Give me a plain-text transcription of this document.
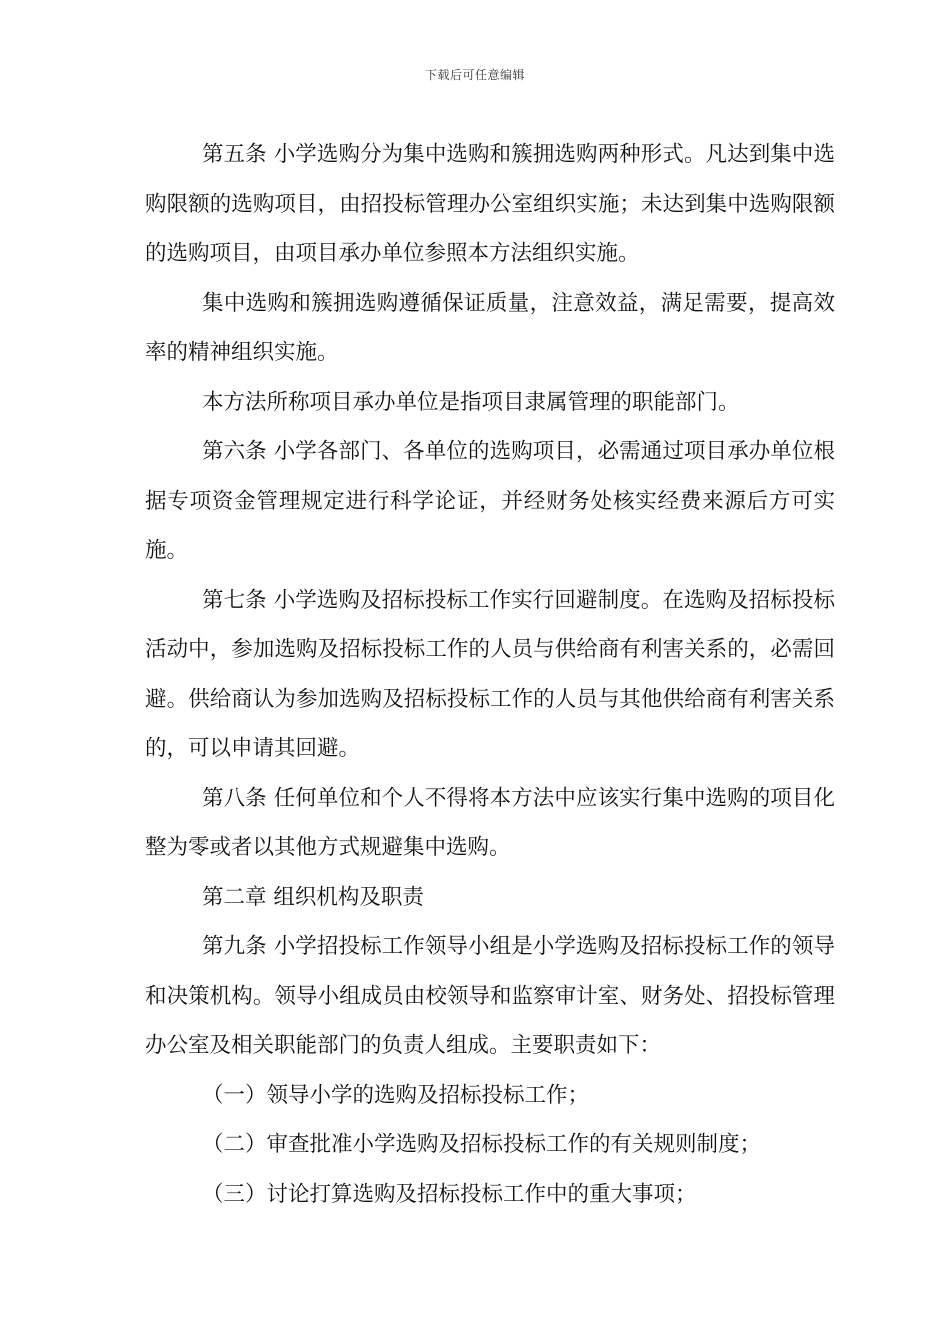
下载后可任意编辑

第五条 小学选购分为集中选购和簇拥选购两种形式。凡达到集中选购限额的选购项目，由招投标管理办公室组织实施；未达到集中选购限额的选购项目，由项目承办单位参照本方法组织实施。

集中选购和簇拥选购遵循保证质量，注意效益，满足需要，提高效率的精神组织实施。

本方法所称项目承办单位是指项目隶属管理的职能部门。

第六条 小学各部门、各单位的选购项目，必需通过项目承办单位根据专项资金管理规定进行科学论证，并经财务处核实经费来源后方可实施。

第七条 小学选购及招标投标工作实行回避制度。在选购及招标投标活动中，参加选购及招标投标工作的人员与供给商有利害关系的，必需回避。供给商认为参加选购及招标投标工作的人员与其他供给商有利害关系的，可以申请其回避。

第八条 任何单位和个人不得将本方法中应该实行集中选购的项目化整为零或者以其他方式规避集中选购。

第二章 组织机构及职责

第九条 小学招投标工作领导小组是小学选购及招标投标工作的领导和决策机构。领导小组成员由校领导和监察审计室、财务处、招投标管理办公室及相关职能部门的负责人组成。主要职责如下：

（一）领导小学的选购及招标投标工作；

（二）审查批准小学选购及招标投标工作的有关规则制度；

（三）讨论打算选购及招标投标工作中的重大事项；
